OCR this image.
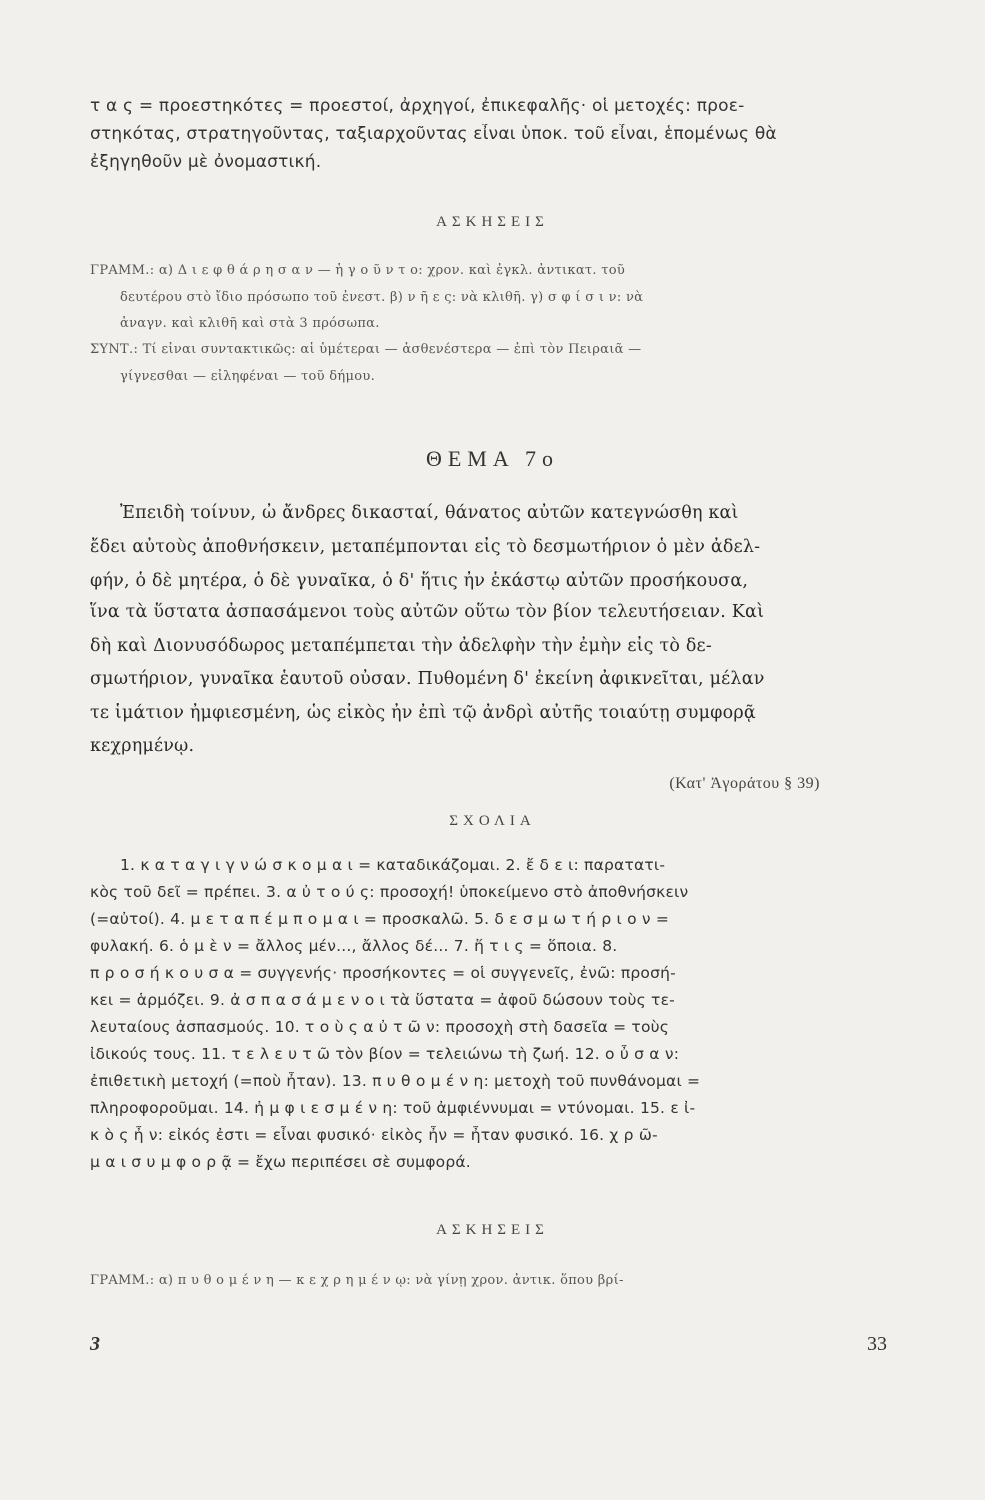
τ α ς = προεστηκότες = προεστοί, ἀρχηγοί, ἐπικεφαλῆς· οἱ μετοχές: προε-
στηκότας, στρατηγοῦντας, ταξιαρχοῦντας εἶναι ὑποκ. τοῦ εἶναι, ἑπομένως θὰ
ἐξηγηθοῦν μὲ ὀνομαστική.
ΑΣΚΗΣΕΙΣ
ΓΡΑΜΜ.: α) Δ ι ε φ θ ά ρ η σ α ν — ἡ γ ο ῦ ν τ ο: χρον. καὶ ἐγκλ. ἀντικατ. τοῦ
δευτέρου στὸ ἴδιο πρόσωπο τοῦ ἐνεστ. β) ν ῆ ε ς: νὰ κλιθῆ. γ) σ φ ί σ ι ν: νὰ
ἀναγν. καὶ κλιθῆ καὶ στὰ 3 πρόσωπα.
ΣΥΝΤ.: Τί εἶναι συντακτικῶς: αἱ ὑμέτεραι — ἀσθενέστερα — ἐπὶ τὸν Πειραιᾶ —
γίγνεσθαι — εἰληφέναι — τοῦ δήμου.
ΘΕΜΑ 7ο
Ἐπειδὴ τοίνυν, ὦ ἄνδρες δικασταί, θάνατος αὐτῶν κατεγνώσθη καὶ
ἔδει αὐτοὺς ἀποθνήσκειν, μεταπέμπονται εἰς τὸ δεσμωτήριον ὁ μὲν ἀδελ-
φήν, ὁ δὲ μητέρα, ὁ δὲ γυναῖκα, ὁ δ' ἥτις ἦν ἑκάστῳ αὐτῶν προσήκουσα,
ἵνα τὰ ὕστατα ἀσπασάμενοι τοὺς αὐτῶν οὕτω τὸν βίον τελευτήσειαν. Καὶ
δὴ καὶ Διονυσόδωρος μεταπέμπεται τὴν ἀδελφὴν τὴν ἐμὴν εἰς τὸ δε-
σμωτήριον, γυναῖκα ἑαυτοῦ οὖσαν. Πυθομένη δ' ἐκείνη ἀφικνεῖται, μέλαν
τε ἱμάτιον ἠμφιεσμένη, ὡς εἰκὸς ἦν ἐπὶ τῷ ἀνδρὶ αὐτῆς τοιαύτῃ συμφορᾷ
κεχρημένῳ.
(Κατ' Ἀγοράτου § 39)
ΣΧΟΛΙΑ
1. κ α τ α γ ι γ ν ώ σ κ ο μ α ι = καταδικάζομαι. 2. ἔ δ ε ι: παρατατι-
κὸς τοῦ δεῖ = πρέπει. 3. α ὐ τ ο ύ ς: προσοχή! ὑποκείμενο στὸ ἀποθνήσκειν
(=αὐτοί). 4. μ ε τ α π έ μ π ο μ α ι = προσκαλῶ. 5. δ ε σ μ ω τ ή ρ ι ο ν =
φυλακή. 6. ὁ μ ὲ ν = ἄλλος μέν..., ἄλλος δέ... 7. ἥ τ ι ς = ὅποια. 8.
π ρ ο σ ή κ ο υ σ α = συγγενής· προσήκοντες = οἱ συγγενεῖς, ἐνῶ: προσή-
κει = ἁρμόζει. 9. ἀ σ π α σ ά μ ε ν ο ι τὰ ὕστατα = ἀφοῦ δώσουν τοὺς τε-
λευταίους ἀσπασμούς. 10. τ ο ὺ ς α ὐ τ ῶ ν: προσοχὴ στὴ δασεῖα = τοὺς
ἰδικούς τους. 11. τ ε λ ε υ τ ῶ τὸν βίον = τελειώνω τὴ ζωή. 12. ο ὖ σ α ν:
ἐπιθετικὴ μετοχή (=ποὺ ἦταν). 13. π υ θ ο μ έ ν η: μετοχὴ τοῦ πυνθάνομαι =
πληροφοροῦμαι. 14. ἠ μ φ ι ε σ μ έ ν η: τοῦ ἀμφιέννυμαι = ντύνομαι. 15. ε ἰ-
κ ὸ ς ἦ ν: εἰκός ἐστι = εἶναι φυσικό· εἰκὸς ἦν = ἦταν φυσικό. 16. χ ρ ῶ-
μ α ι σ υ μ φ ο ρ ᾷ = ἔχω περιπέσει σὲ συμφορά.
ΑΣΚΗΣΕΙΣ
ΓΡΑΜΜ.: α) π υ θ ο μ έ ν η — κ ε χ ρ η μ έ ν ῳ: νὰ γίνῃ χρον. ἀντικ. ὅπου βρί-
3	33
